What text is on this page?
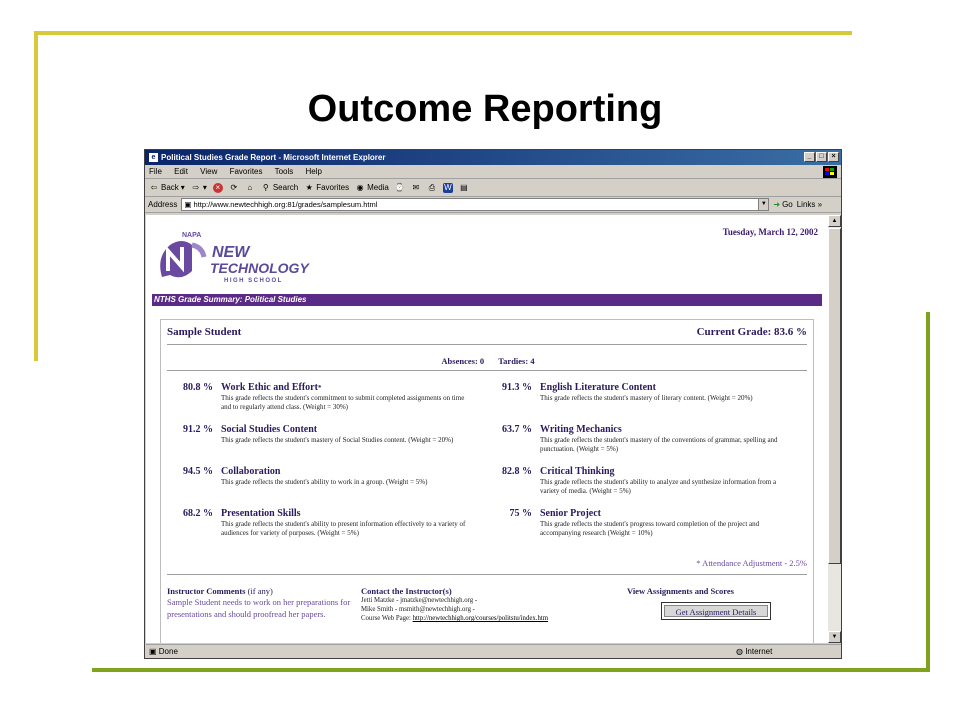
Outcome Reporting
e Political Studies Grade Report - Microsoft Internet Explorer	_	□	×
File Edit View Favorites Tools Help
⇦ Back ▾ ⇨ ▾	×	⟳	⌂	⚲ Search ★ Favorites ◉ Media ⌚ ✉ ⎙ W ▤
Address ▣ http://www.newtechhigh.org:81/grades/samplesum.html	▼ ➜ Go Links »
NAPA
NEW
TECHNOLOGY
HIGH SCHOOL
Tuesday, March 12, 2002
NTHS Grade Summary: Political Studies
Sample Student	Current Grade: 83.6 %
Absences: 0 Tardies: 4
80.8 % Work Ethic and Effort*
This grade reflects the student's commitment to submit completed assignments on time and to regularly attend class. (Weight = 30%)
91.2 % Social Studies Content
This grade reflects the student's mastery of Social Studies content. (Weight = 20%)
94.5 % Collaboration
This grade reflects the student's ability to work in a group. (Weight = 5%)
68.2 % Presentation Skills
This grade reflects the student's ability to present information effectively to a variety of audiences for variety of purposes. (Weight = 5%)
91.3 % English Literature Content
This grade reflects the student's mastery of literary content. (Weight = 20%)
63.7 % Writing Mechanics
This grade reflects the student's mastery of the conventions of grammar, spelling and punctuation. (Weight = 5%)
82.8 % Critical Thinking
This grade reflects the student's ability to analyze and synthesize information from a variety of media. (Weight = 5%)
75 % Senior Project
This grade reflects the student's progress toward completion of the project and accompanying research (Weight = 10%)
* Attendance Adjustment - 2.5%
Instructor Comments (if any)
Sample Student needs to work on her preparations for presentations and should proofread her papers.
Contact the Instructor(s)
Jetti Matzke - jmatzke@newtechhigh.org -
Mike Smith - msmith@newtechhigh.org -
Course Web Page: http://newtechhigh.org/courses/politstu/index.htm
View Assignments and Scores
Get Assignment Details
▲
▼
▣ Done	◍ Internet
